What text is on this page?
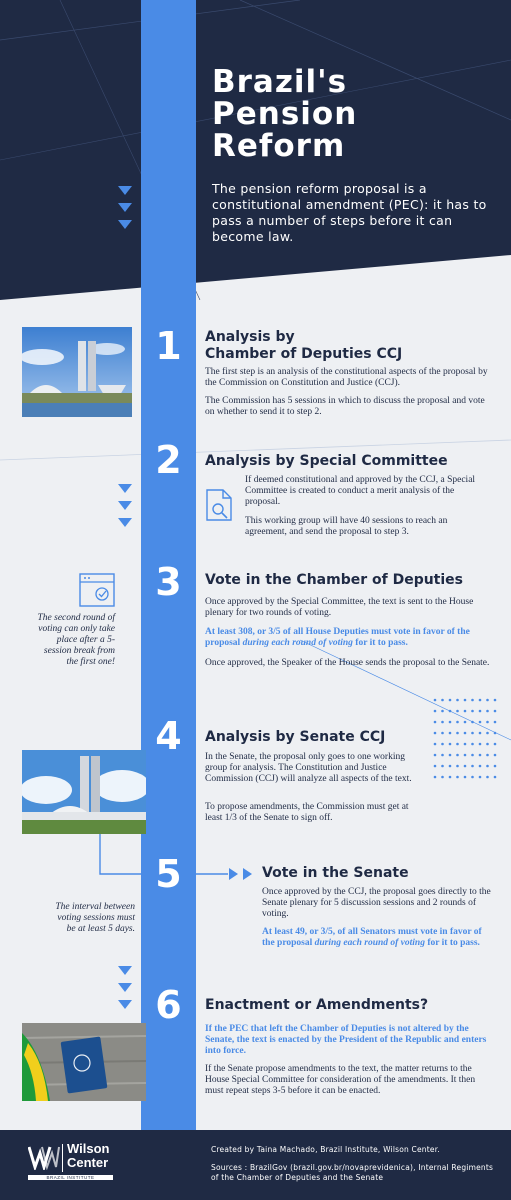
Brazil's
Pension
Reform
The pension reform proposal is a constitutional amendment (PEC): it has to pass a number of steps before it can become law.
1	Analysis by
Chamber of Deputies CCJ
The first step is an analysis of the constitutional aspects of the proposal by the Commission on Constitution and Justice (CCJ).
The Commission has 5 sessions in which to discuss the proposal and vote on whether to send it to step 2.
2	Analysis by Special Committee
If deemed constitutional and approved by the CCJ, a Special Committee is created to conduct a merit analysis of the proposal.
This working group will have 40 sessions to reach an agreement, and send the proposal to step 3.
The second round of voting can only take place after a 5-session break from the first one!
3	Vote in the Chamber of Deputies
Once approved by the Special Committee, the text is sent to the House plenary for two rounds of voting.
At least 308, or 3/5 of all House Deputies must vote in favor of the proposal during each round of voting for it to pass.
Once approved, the Speaker of the House sends the proposal to the Senate.
4	Analysis by Senate CCJ
In the Senate, the proposal only goes to one working group for analysis. The Constitution and Justice Commission (CCJ) will analyze all aspects of the text.
To propose amendments, the Commission must get at least 1/3 of the Senate to sign off.
5	Vote in the Senate
Once approved by the CCJ, the proposal goes directly to the Senate plenary for 5 discussion sessions and 2 rounds of voting.
At least 49, or 3/5, of all Senators must vote in favor of the proposal during each round of voting for it to pass.
The interval between voting sessions must be at least 5 days.
6	Enactment or Amendments?
If the PEC that left the Chamber of Deputies is not altered by the Senate, the text is enacted by the President of the Republic and enters into force.
If the Senate propose amendments to the text, the matter returns to the House Special Committee for consideration of the amendments. It then must repeat steps 3-5 before it can be enacted.
Wilson
Center
BRAZIL INSTITUTE
Created by Taina Machado, Brazil Institute, Wilson Center.
Sources : BrazilGov (brazil.gov.br/novaprevidenica), Internal Regiments of the Chamber of Deputies and the Senate
